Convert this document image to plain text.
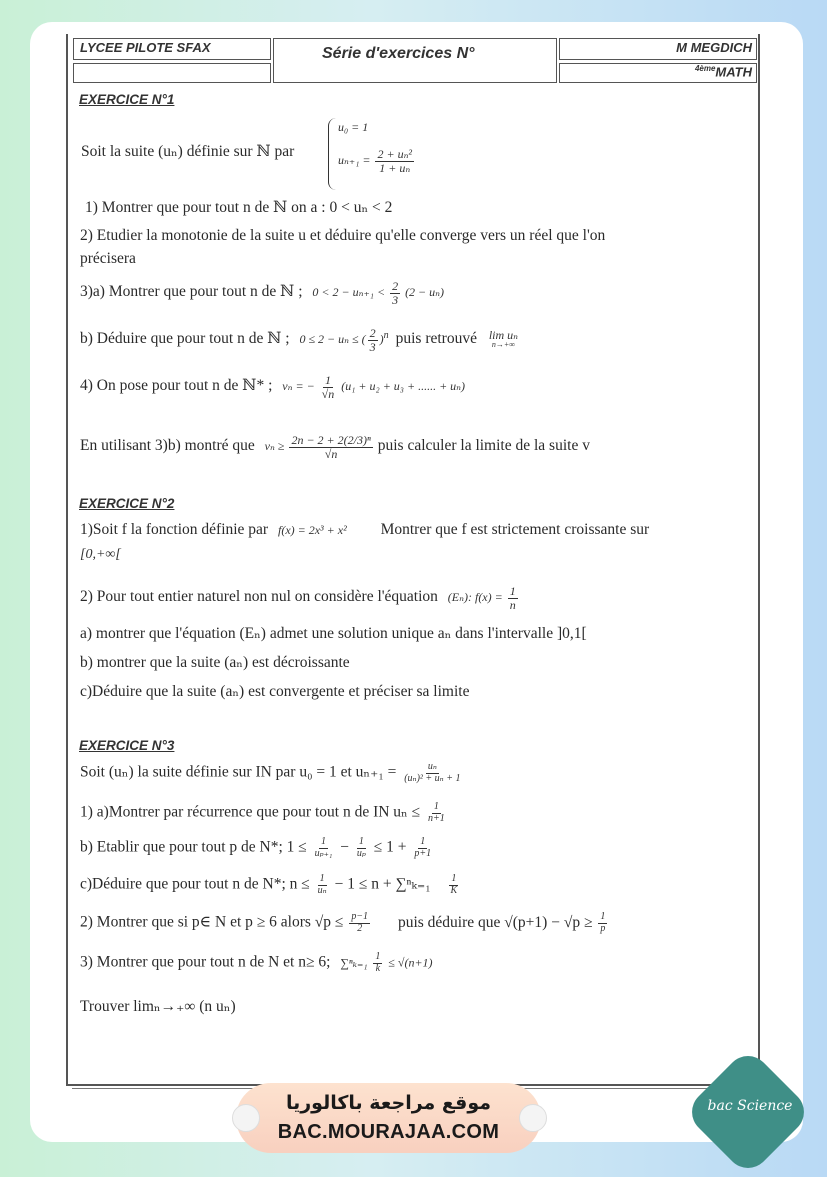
LYCEE PILOTE SFAX	Série d'exercices N°	M MEGDICH
$^{4ème}$MATH
EXERCICE N°1
Soit la suite (uₙ) définie sur ℕ par
u₀ = 1
$u_{n+1} = \frac{\text{2 + uₙ²}}{\text{1 + uₙ}}$
1) Montrer que pour tout n de ℕ on a : 0 < uₙ < 2
2) Etudier la monotonie de la suite u et déduire qu'elle converge vers un réel que l'on
précisera
3)a) Montrer que pour tout n de ℕ ; $0 < 2 - u_{n+1} < \frac{2}{3} (2 - u_n)$
b) Déduire que pour tout n de ℕ ; 0 ≤ 2 − uₙ ≤ ( $\frac{2}{3} )^n$ puis retrouvé lim uₙ
n→+∞
4) On pose pour tout n de ℕ* ; vₙ = − $\frac{1}{√n} (u_1 + u_2 + u_3$ + ...... + uₙ)
En utilisant 3)b) montré que $v_n \ge \frac{\text{2n − 2 + 2(2/3)ⁿ}}{√n}$ puis calculer la limite de la suite v
EXERCICE N°2
1)Soit f la fonction définie par f(x) = 2x³ + x² Montrer que f est strictement croissante sur
[0,+∞[
2) Pour tout entier naturel non nul on considère l'équation (Eₙ): $f(x) = \frac{1}{n}$
a) montrer que l'équation (Eₙ) admet une solution unique aₙ dans l'intervalle ]0,1[
b) montrer que la suite (aₙ) est décroissante
c)Déduire que la suite (aₙ) est convergente et préciser sa limite
EXERCICE N°3
Soit (uₙ) la suite définie sur IN par u₀ = 1 et $u_{n+1} = \frac{\text{uₙ}}{\text{(uₙ)² + uₙ + 1}}$
1) a)Montrer par récurrence que pour tout n de IN $u_n \le \frac{1}{n+1}$
b) Etablir que pour tout p de N*; $1 \le \frac{1}{\text{uₚ₊₁}} - \frac{1}{\text{uₚ}} \le 1 + \frac{1}{p+1}$
c)Déduire que pour tout n de N*; $n \le \frac{1}{\text{uₙ}} - 1 \le n + \sum^n_{k=1} \frac{1}{K}$
2) Montrer que si p∈ N et p ≥ 6 alors $√p \le \frac{p-1}{2}$ puis déduire que $√(p+1) - √p \ge \frac{1}{p}$
3) Montrer que pour tout n de N et n≥ 6; $\sum^n_{k=1} \frac{1}{k} \le √(n+1)$
Trouver limₙ→₊∞ (n uₙ)
موقع مراجعة باكالوريا
BAC.MOURAJAA.COM
bac Science
